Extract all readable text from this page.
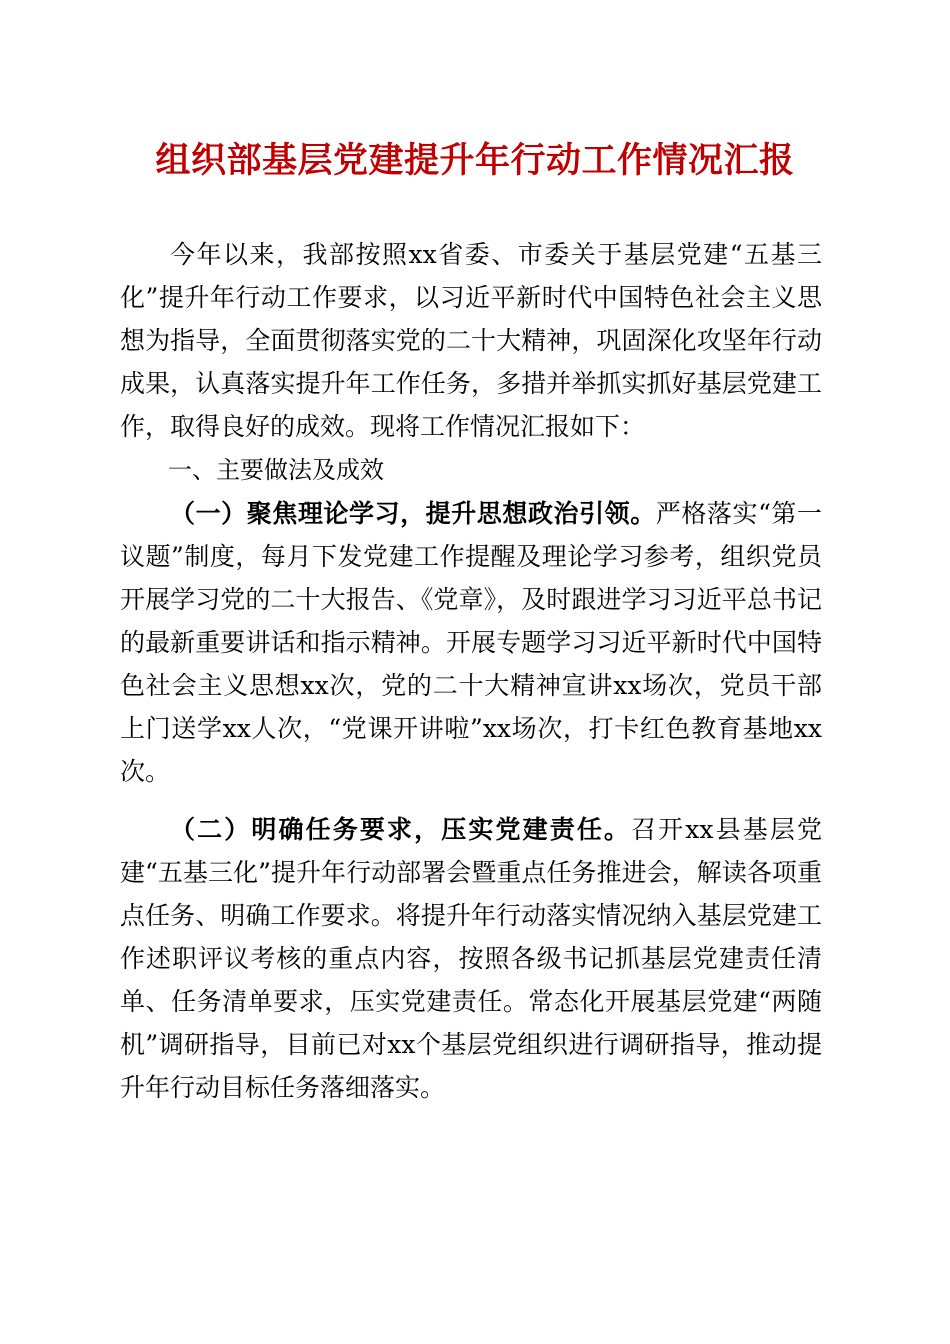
组织部基层党建提升年行动工作情况汇报

今年以来，我部按照xx省委、市委关于基层党建“五基三化”提升年行动工作要求，以习近平新时代中国特色社会主义思想为指导，全面贯彻落实党的二十大精神，巩固深化攻坚年行动成果，认真落实提升年工作任务，多措并举抓实抓好基层党建工作，取得良好的成效。现将工作情况汇报如下：

一、主要做法及成效

（一）聚焦理论学习，提升思想政治引领。严格落实“第一议题”制度，每月下发党建工作提醒及理论学习参考，组织党员开展学习党的二十大报告、《党章》，及时跟进学习习近平总书记的最新重要讲话和指示精神。开展专题学习习近平新时代中国特色社会主义思想xx次，党的二十大精神宣讲xx场次，党员干部上门送学xx人次，“党课开讲啦”xx场次，打卡红色教育基地xx次。

（二）明确任务要求，压实党建责任。召开xx县基层党建“五基三化”提升年行动部署会暨重点任务推进会，解读各项重点任务、明确工作要求。将提升年行动落实情况纳入基层党建工作述职评议考核的重点内容，按照各级书记抓基层党建责任清单、任务清单要求，压实党建责任。常态化开展基层党建“两随机”调研指导，目前已对xx个基层党组织进行调研指导，推动提升年行动目标任务落细落实。
